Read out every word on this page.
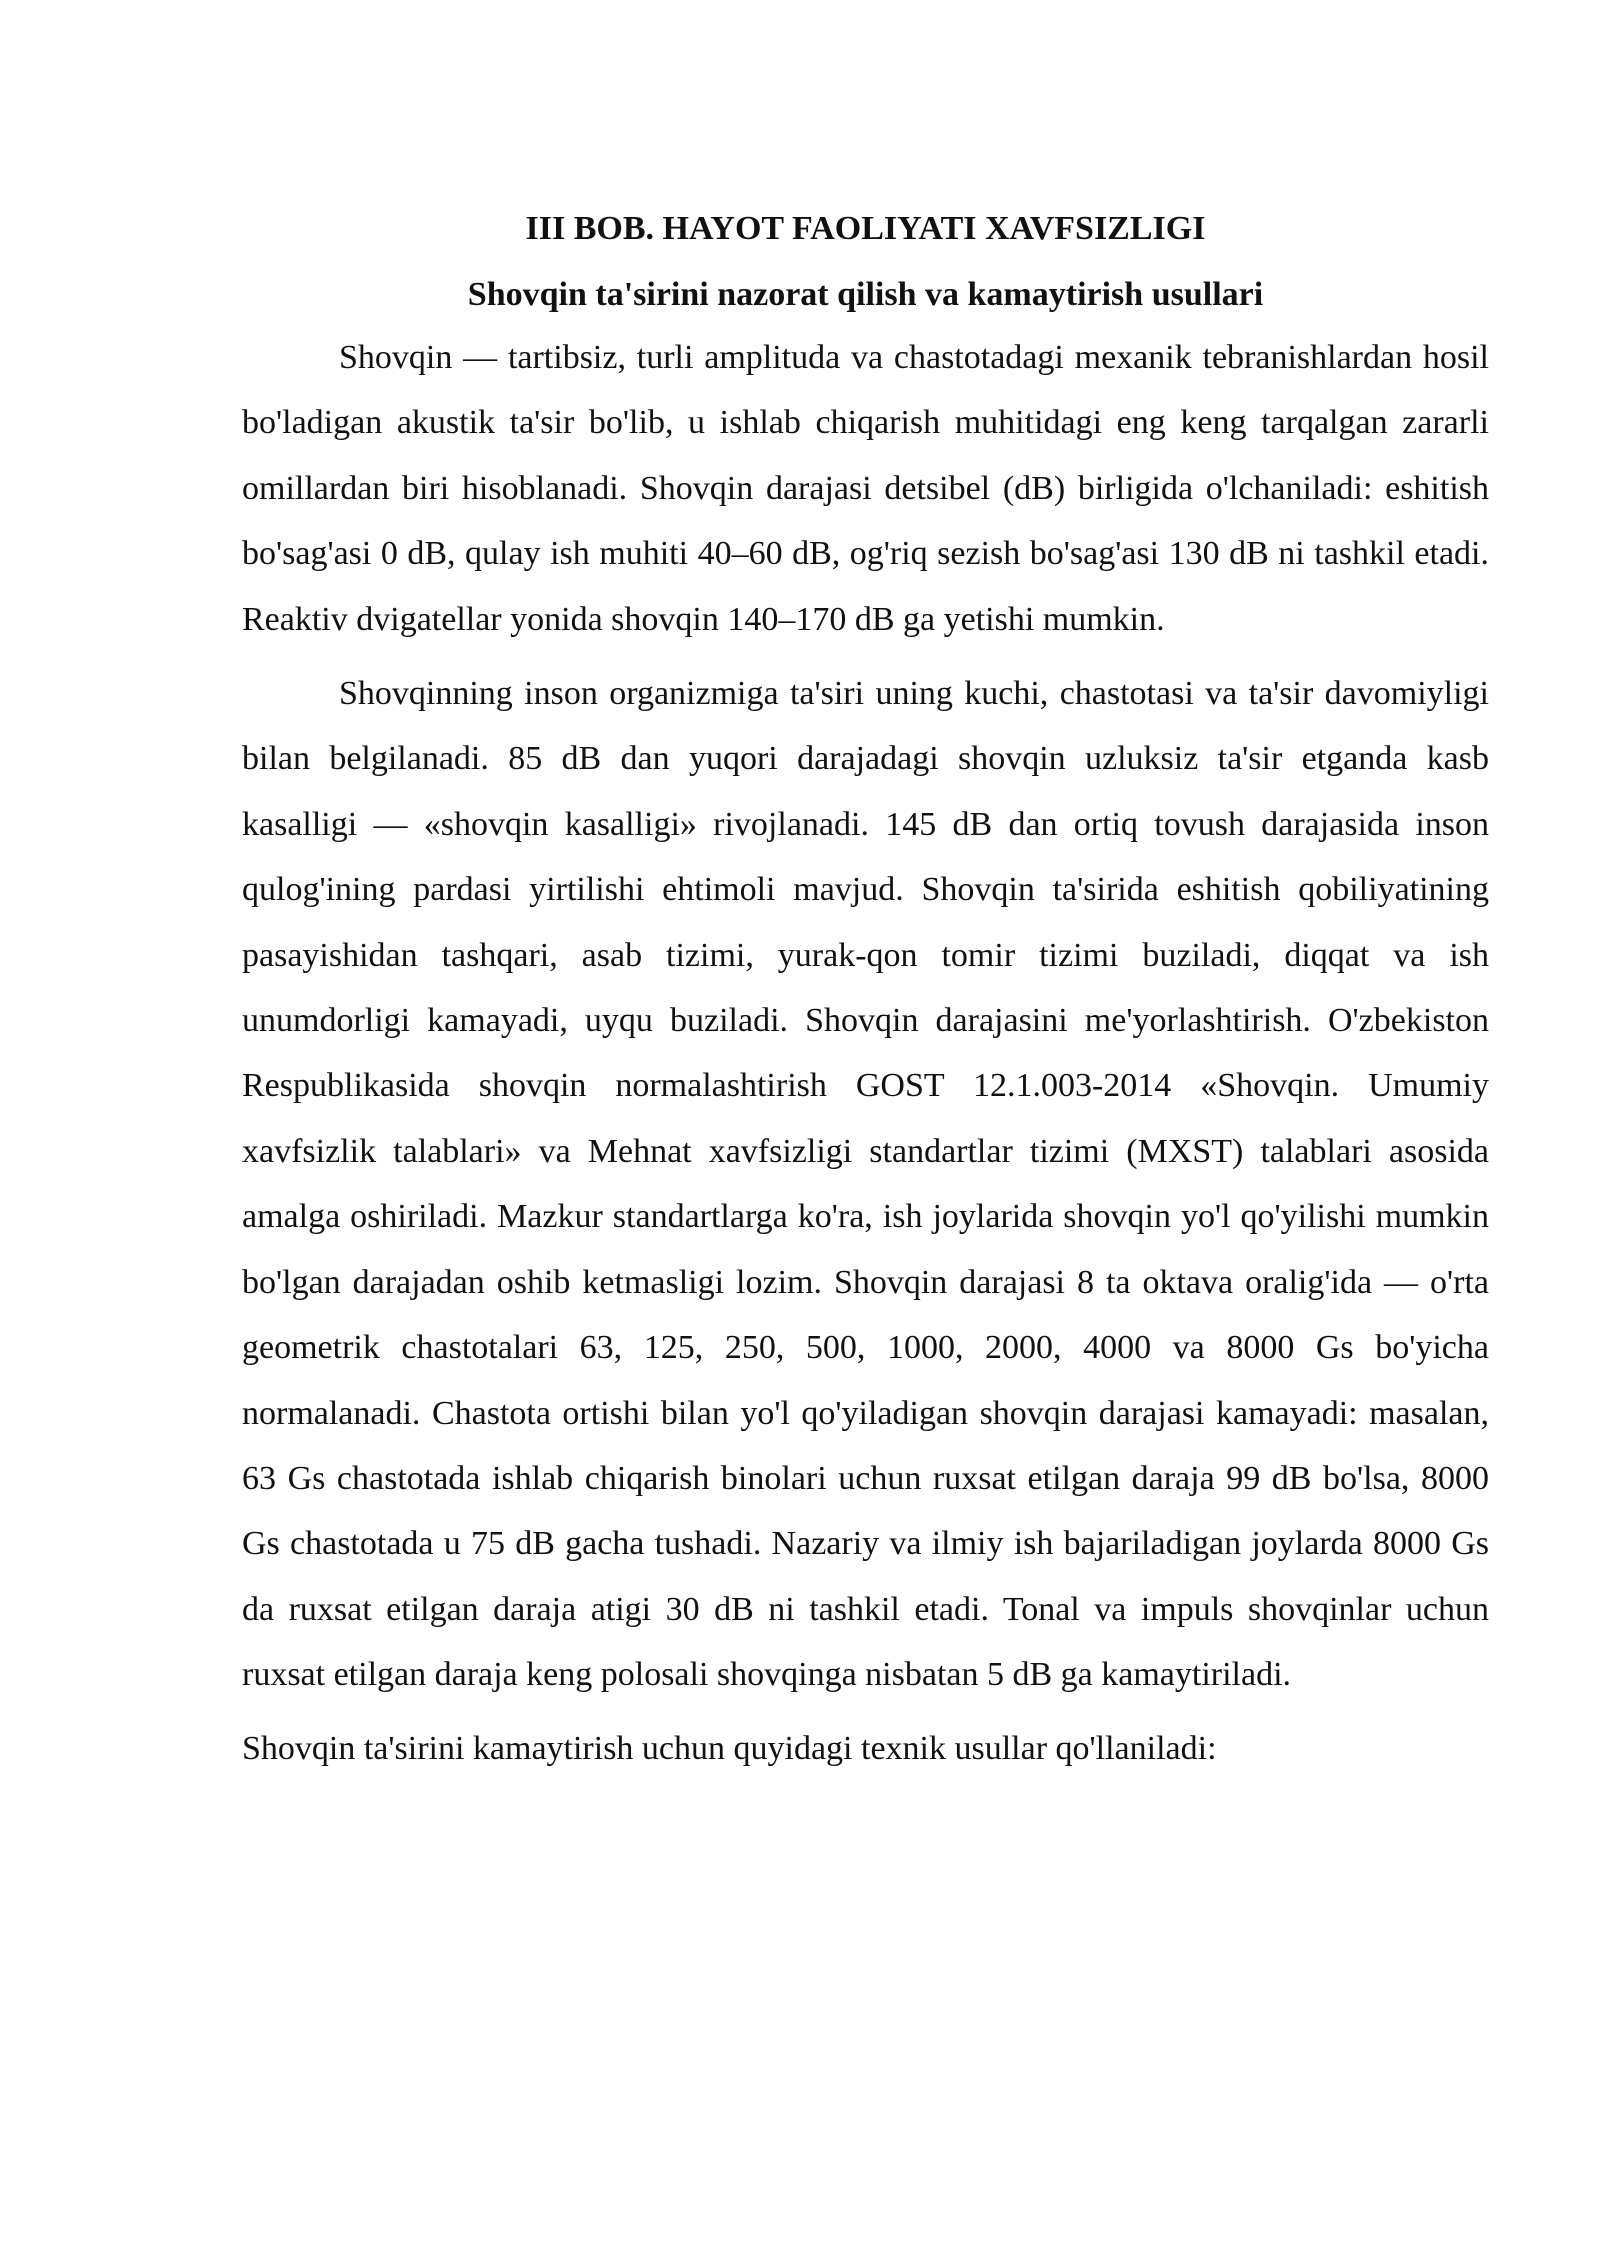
III BOB. HAYOT FAOLIYATI XAVFSIZLIGI
Shovqin ta'sirini nazorat qilish va kamaytirish usullari

Shovqin — tartibsiz, turli amplituda va chastotadagi mexanik tebranishlardan hosil bo'ladigan akustik ta'sir bo'lib, u ishlab chiqarish muhitidagi eng keng tarqalgan zararli omillardan biri hisoblanadi. Shovqin darajasi detsibel (dB) birligida o'lchaniladi: eshitish bo'sag'asi 0 dB, qulay ish muhiti 40–60 dB, og'riq sezish bo'sag'asi 130 dB ni tashkil etadi. Reaktiv dvigatellar yonida shovqin 140–170 dB ga yetishi mumkin.

Shovqinning inson organizmiga ta'siri uning kuchi, chastotasi va ta'sir davomiyligi bilan belgilanadi. 85 dB dan yuqori darajadagi shovqin uzluksiz ta'sir etganda kasb kasalligi — «shovqin kasalligi» rivojlanadi. 145 dB dan ortiq tovush darajasida inson qulog'ining pardasi yirtilishi ehtimoli mavjud. Shovqin ta'sirida eshitish qobiliyatining pasayishidan tashqari, asab tizimi, yurak-qon tomir tizimi buziladi, diqqat va ish unumdorligi kamayadi, uyqu buziladi. Shovqin darajasini me'yorlashtirish. O'zbekiston Respublikasida shovqin normalashtirish GOST 12.1.003-2014 «Shovqin. Umumiy xavfsizlik talablari» va Mehnat xavfsizligi standartlar tizimi (MXST) talablari asosida amalga oshiriladi. Mazkur standartlarga ko'ra, ish joylarida shovqin yo'l qo'yilishi mumkin bo'lgan darajadan oshib ketmasligi lozim. Shovqin darajasi 8 ta oktava oralig'ida — o'rta geometrik chastotalari 63, 125, 250, 500, 1000, 2000, 4000 va 8000 Gs bo'yicha normalanadi. Chastota ortishi bilan yo'l qo'yiladigan shovqin darajasi kamayadi: masalan, 63 Gs chastotada ishlab chiqarish binolari uchun ruxsat etilgan daraja 99 dB bo'lsa, 8000 Gs chastotada u 75 dB gacha tushadi. Nazariy va ilmiy ish bajariladigan joylarda 8000 Gs da ruxsat etilgan daraja atigi 30 dB ni tashkil etadi. Tonal va impuls shovqinlar uchun ruxsat etilgan daraja keng polosali shovqinga nisbatan 5 dB ga kamaytiriladi.

Shovqin ta'sirini kamaytirish uchun quyidagi texnik usullar qo'llaniladi:
